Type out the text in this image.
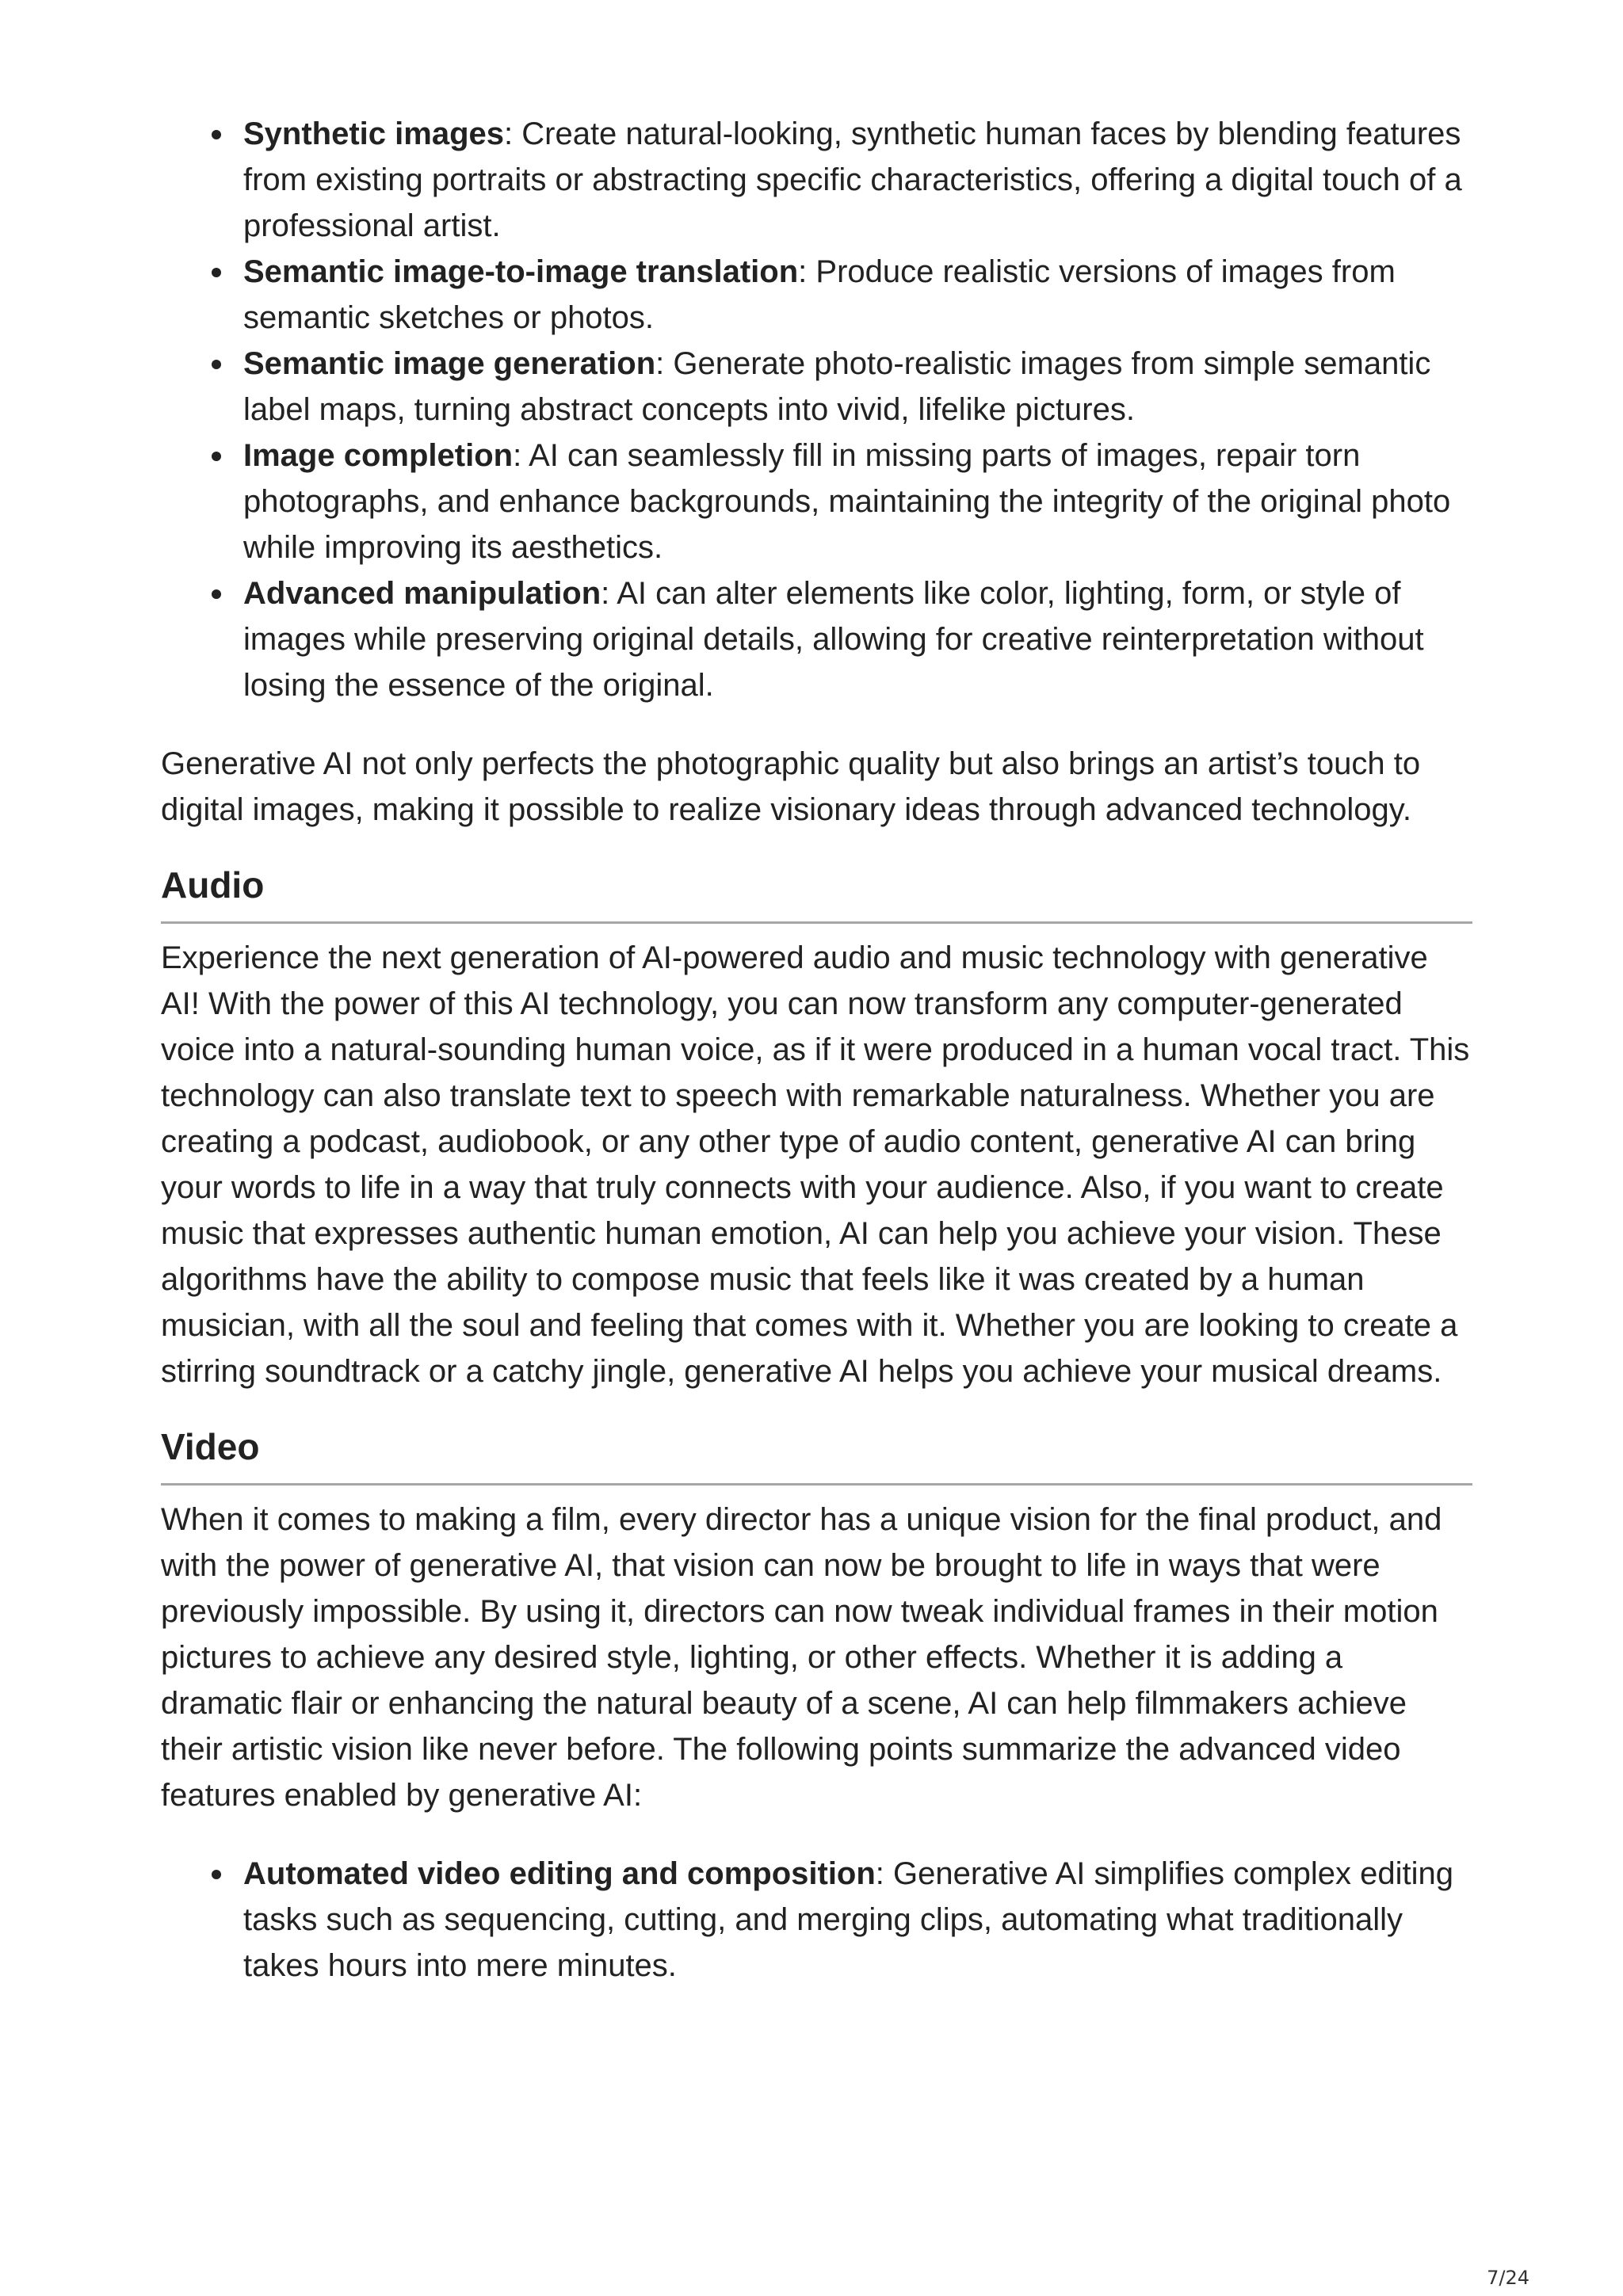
Synthetic images: Create natural-looking, synthetic human faces by blending features from existing portraits or abstracting specific characteristics, offering a digital touch of a professional artist.
Semantic image-to-image translation: Produce realistic versions of images from semantic sketches or photos.
Semantic image generation: Generate photo-realistic images from simple semantic label maps, turning abstract concepts into vivid, lifelike pictures.
Image completion: AI can seamlessly fill in missing parts of images, repair torn photographs, and enhance backgrounds, maintaining the integrity of the original photo while improving its aesthetics.
Advanced manipulation: AI can alter elements like color, lighting, form, or style of images while preserving original details, allowing for creative reinterpretation without losing the essence of the original.

Generative AI not only perfects the photographic quality but also brings an artist’s touch to digital images, making it possible to realize visionary ideas through advanced technology.

Audio

Experience the next generation of AI-powered audio and music technology with generative AI! With the power of this AI technology, you can now transform any computer-generated voice into a natural-sounding human voice, as if it were produced in a human vocal tract. This technology can also translate text to speech with remarkable naturalness. Whether you are creating a podcast, audiobook, or any other type of audio content, generative AI can bring your words to life in a way that truly connects with your audience. Also, if you want to create music that expresses authentic human emotion, AI can help you achieve your vision. These algorithms have the ability to compose music that feels like it was created by a human musician, with all the soul and feeling that comes with it. Whether you are looking to create a stirring soundtrack or a catchy jingle, generative AI helps you achieve your musical dreams.

Video

When it comes to making a film, every director has a unique vision for the final product, and with the power of generative AI, that vision can now be brought to life in ways that were previously impossible. By using it, directors can now tweak individual frames in their motion pictures to achieve any desired style, lighting, or other effects. Whether it is adding a dramatic flair or enhancing the natural beauty of a scene, AI can help filmmakers achieve their artistic vision like never before. The following points summarize the advanced video features enabled by generative AI:

Automated video editing and composition: Generative AI simplifies complex editing tasks such as sequencing, cutting, and merging clips, automating what traditionally takes hours into mere minutes.
7/24
